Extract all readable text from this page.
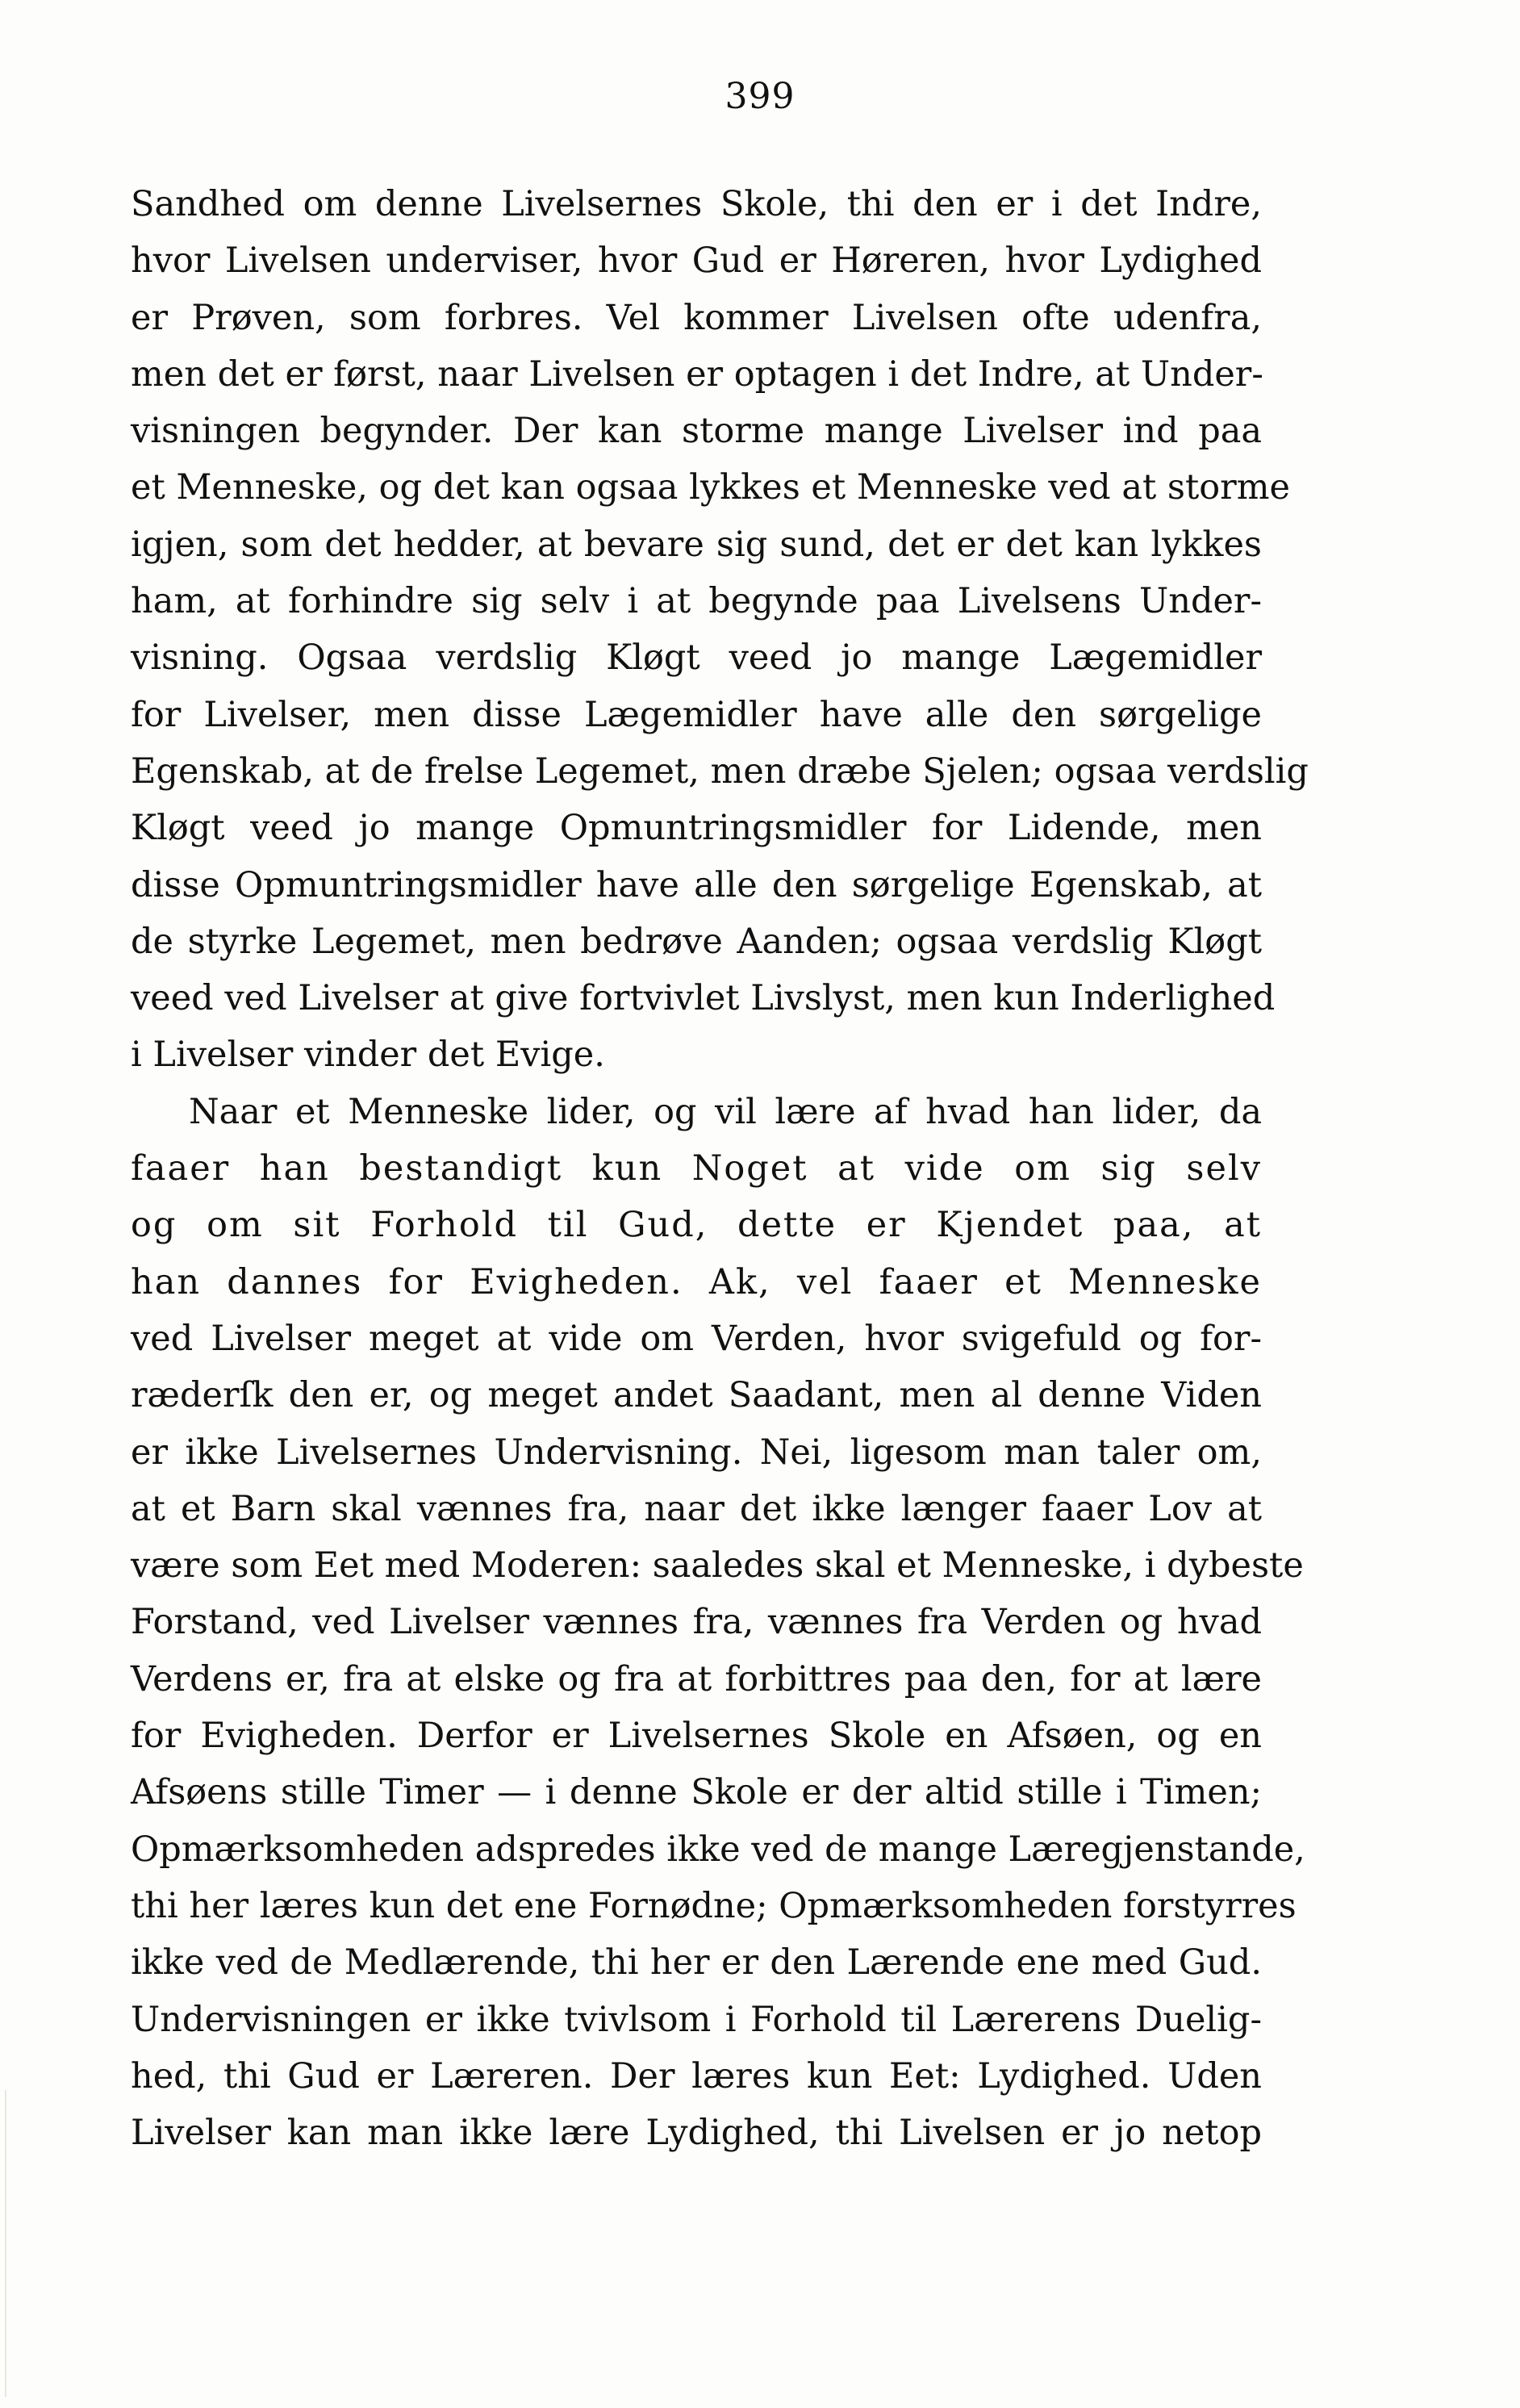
399
Sandhed om denne Livelsernes Skole, thi den er i det Indre,
hvor Livelsen underviser, hvor Gud er Høreren, hvor Lydighed
er Prøven, som forbres. Vel kommer Livelsen ofte udenfra,
men det er først, naar Livelsen er optagen i det Indre, at Under-
visningen begynder. Der kan storme mange Livelser ind paa
et Menneske, og det kan ogsaa lykkes et Menneske ved at storme
igjen, som det hedder, at bevare sig sund, det er det kan lykkes
ham, at forhindre sig selv i at begynde paa Livelsens Under-
visning. Ogsaa verdslig Kløgt veed jo mange Lægemidler
for Livelser, men disse Lægemidler have alle den sørgelige
Egenskab, at de frelse Legemet, men dræbe Sjelen; ogsaa verdslig
Kløgt veed jo mange Opmuntringsmidler for Lidende, men
disse Opmuntringsmidler have alle den sørgelige Egenskab, at
de styrke Legemet, men bedrøve Aanden; ogsaa verdslig Kløgt
veed ved Livelser at give fortvivlet Livslyst, men kun Inderlighed
i Livelser vinder det Evige.
Naar et Menneske lider, og vil lære af hvad han lider, da
faaer han bestandigt kun Noget at vide om sig selv
og om sit Forhold til Gud, dette er Kjendet paa, at
han dannes for Evigheden. Ak, vel faaer et Menneske
ved Livelser meget at vide om Verden, hvor svigefuld og for-
ræderſk den er, og meget andet Saadant, men al denne Viden
er ikke Livelsernes Undervisning. Nei, ligesom man taler om,
at et Barn skal vænnes fra, naar det ikke længer faaer Lov at
være som Eet med Moderen: saaledes skal et Menneske, i dybeste
Forstand, ved Livelser vænnes fra, vænnes fra Verden og hvad
Verdens er, fra at elske og fra at forbittres paa den, for at lære
for Evigheden. Derfor er Livelsernes Skole en Afsøen, og en
Afsøens stille Timer — i denne Skole er der altid stille i Timen;
Opmærksomheden adspredes ikke ved de mange Læregjenstande,
thi her læres kun det ene Fornødne; Opmærksomheden forstyrres
ikke ved de Medlærende, thi her er den Lærende ene med Gud.
Undervisningen er ikke tvivlsom i Forhold til Lærerens Duelig-
hed, thi Gud er Læreren. Der læres kun Eet: Lydighed. Uden
Livelser kan man ikke lære Lydighed, thi Livelsen er jo netop
